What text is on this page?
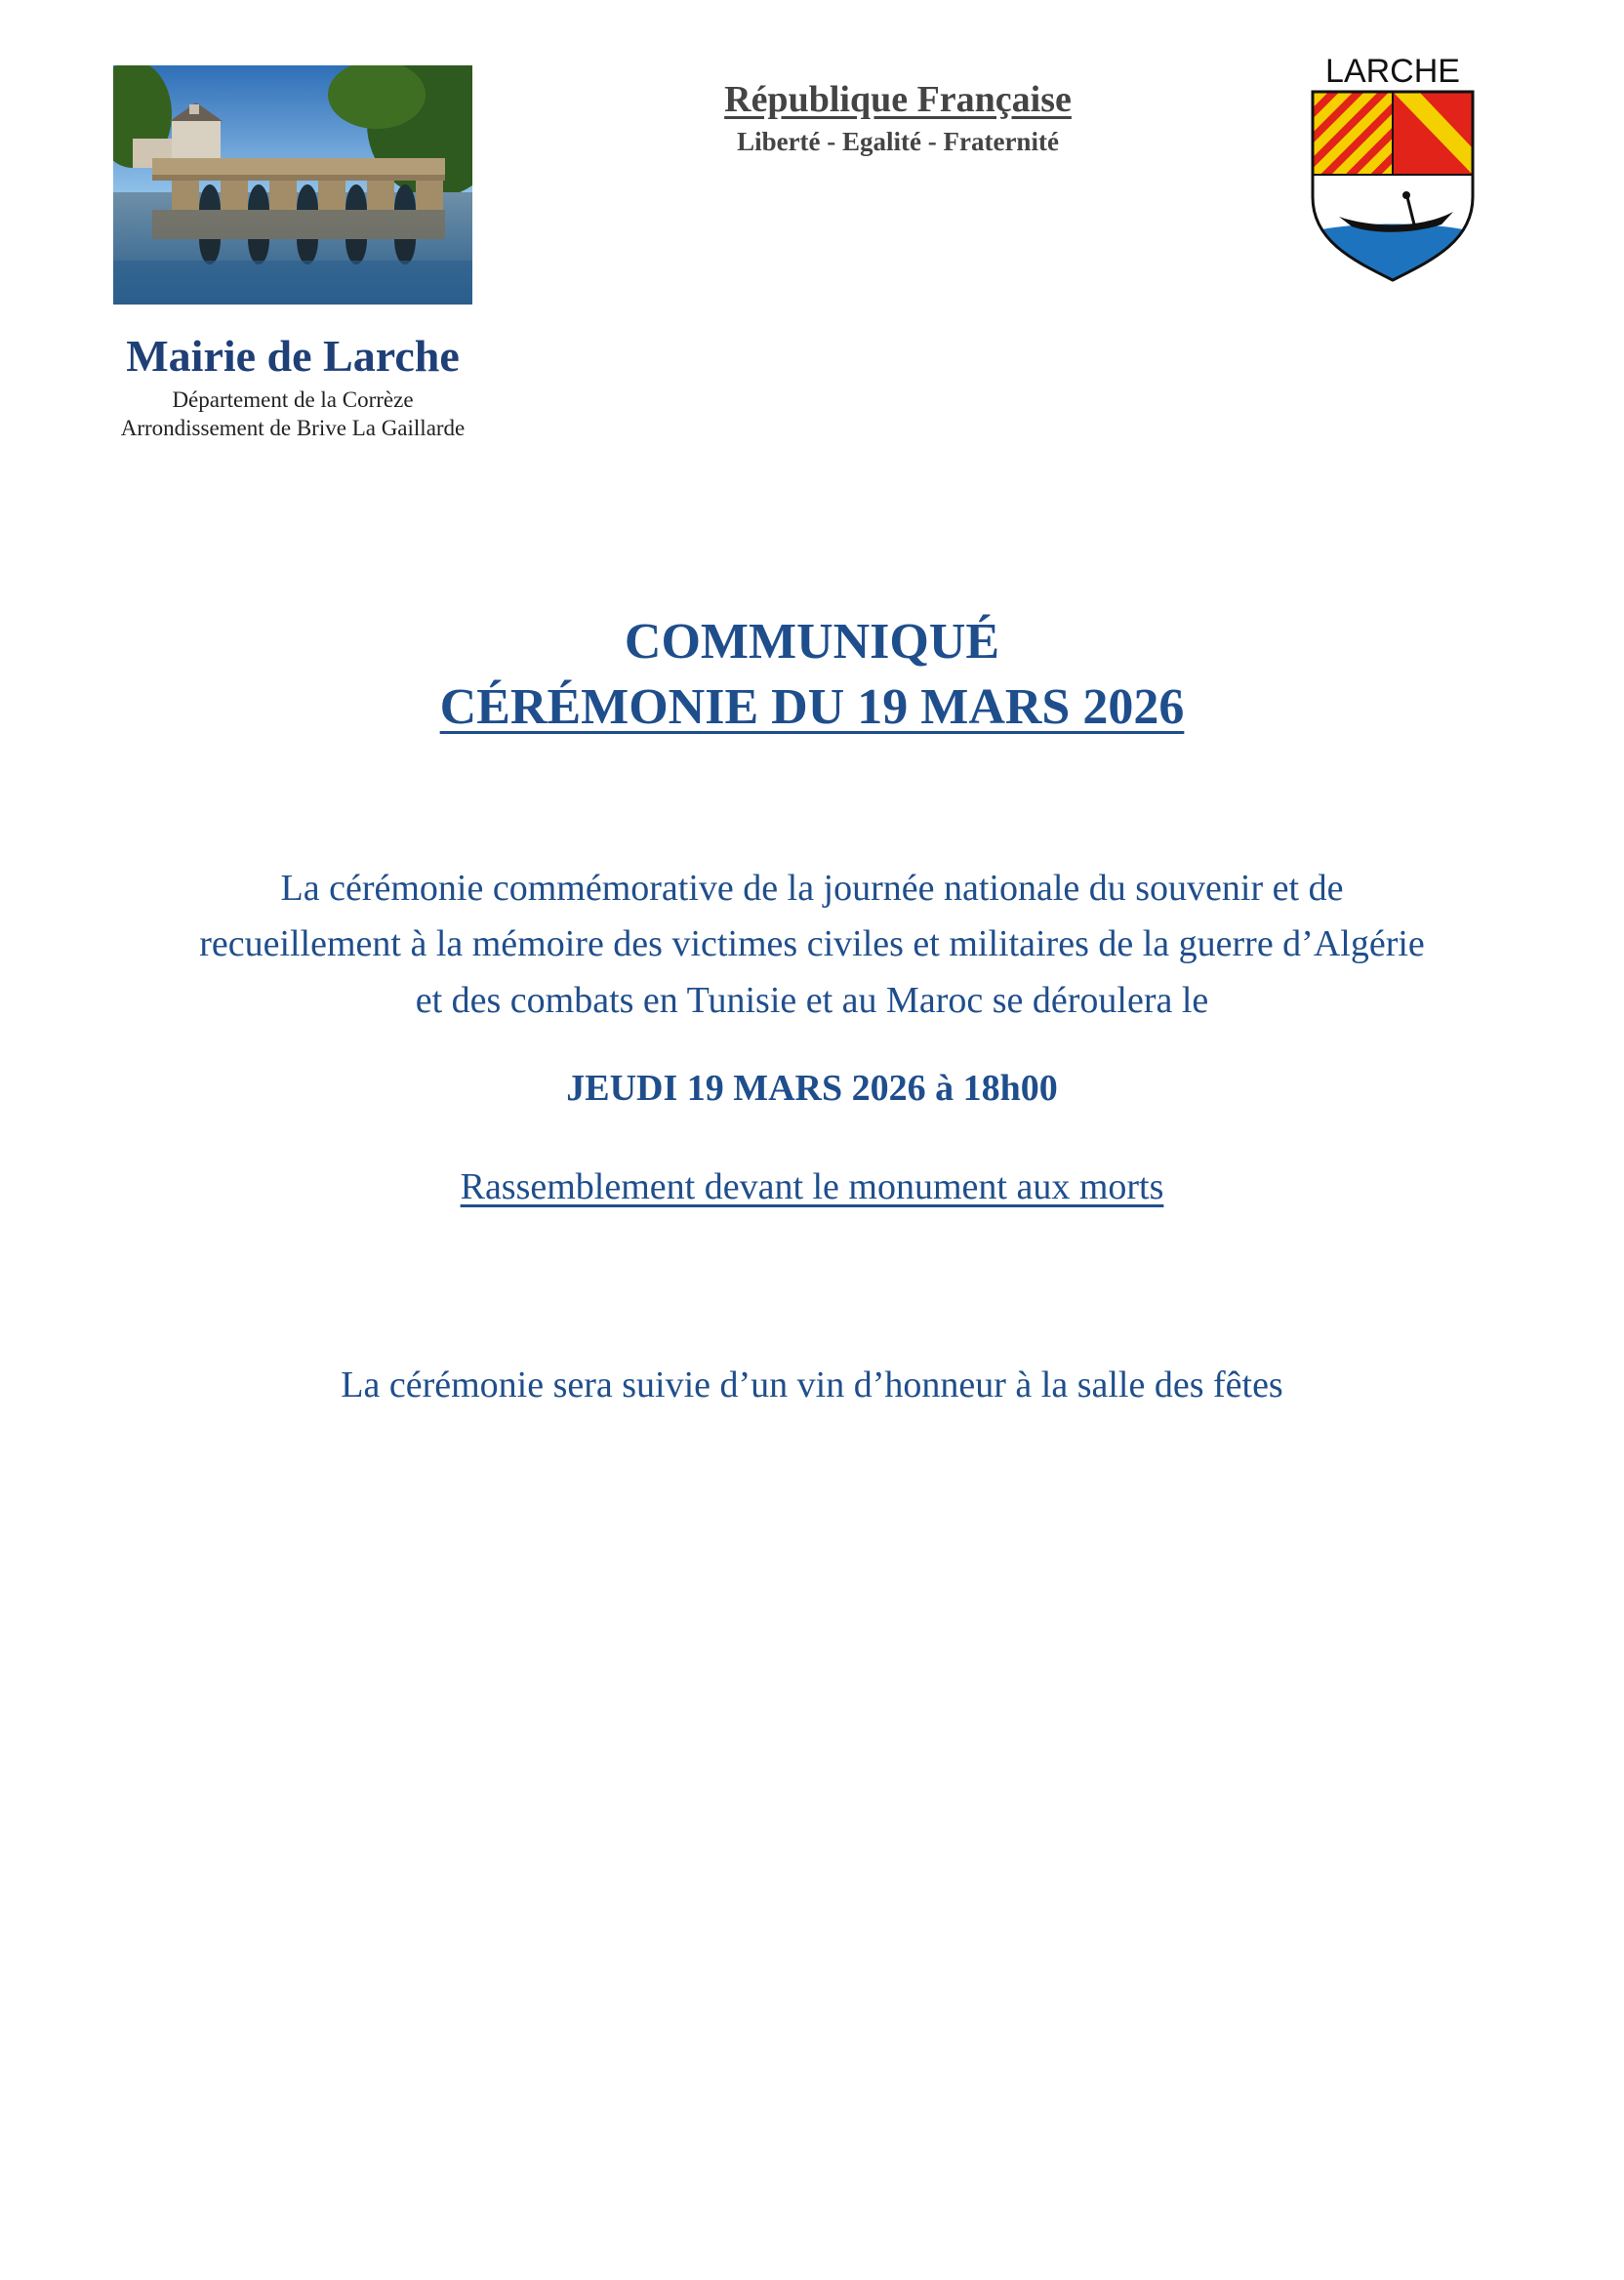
Mairie de Larche
Département de la Corrèze
Arrondissement de Brive La Gaillarde
République Française
Liberté - Egalité - Fraternité
LARCHE
COMMUNIQUÉ
CÉRÉMONIE DU 19 MARS 2026
La cérémonie commémorative de la journée nationale du souvenir et de
recueillement à la mémoire des victimes civiles et militaires de la guerre d’Algérie
et des combats en Tunisie et au Maroc se déroulera le
JEUDI 19 MARS 2026 à 18h00
Rassemblement devant le monument aux morts
La cérémonie sera suivie d’un vin d’honneur à la salle des fêtes
